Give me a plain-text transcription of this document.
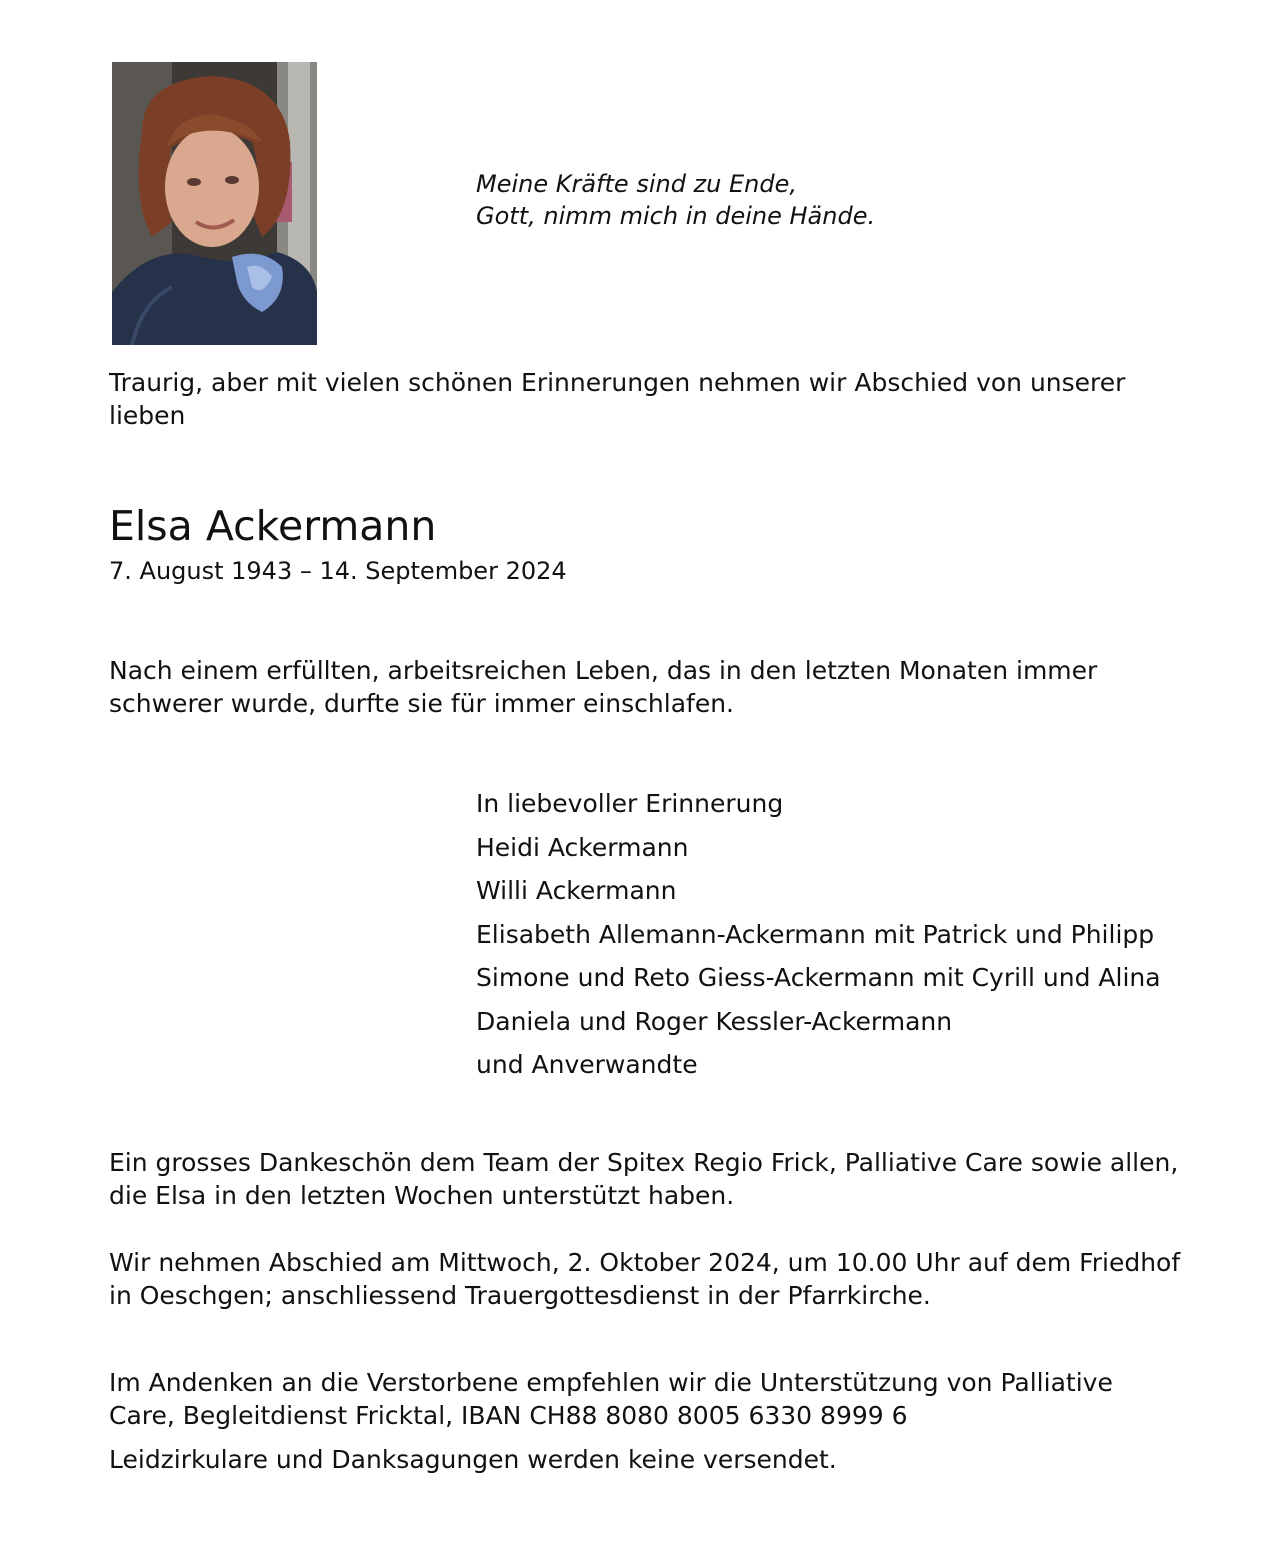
Meine Kräfte sind zu Ende,
Gott, nimm mich in deine Hände.
Traurig, aber mit vielen schönen Erinnerungen nehmen wir Abschied von unserer
lieben
Elsa Ackermann
7. August 1943 – 14. September 2024
Nach einem erfüllten, arbeitsreichen Leben, das in den letzten Monaten immer
schwerer wurde, durfte sie für immer einschlafen.
In liebevoller Erinnerung
Heidi Ackermann
Willi Ackermann
Elisabeth Allemann-Ackermann mit Patrick und Philipp
Simone und Reto Giess-Ackermann mit Cyrill und Alina
Daniela und Roger Kessler-Ackermann
und Anverwandte
Ein grosses Dankeschön dem Team der Spitex Regio Frick, Palliative Care sowie allen,
die Elsa in den letzten Wochen unterstützt haben.
Wir nehmen Abschied am Mittwoch, 2. Oktober 2024, um 10.00 Uhr auf dem Friedhof
in Oeschgen; anschliessend Trauergottesdienst in der Pfarrkirche.
Im Andenken an die Verstorbene empfehlen wir die Unterstützung von Palliative
Care, Begleitdienst Fricktal, IBAN CH88 8080 8005 6330 8999 6
Leidzirkulare und Danksagungen werden keine versendet.
